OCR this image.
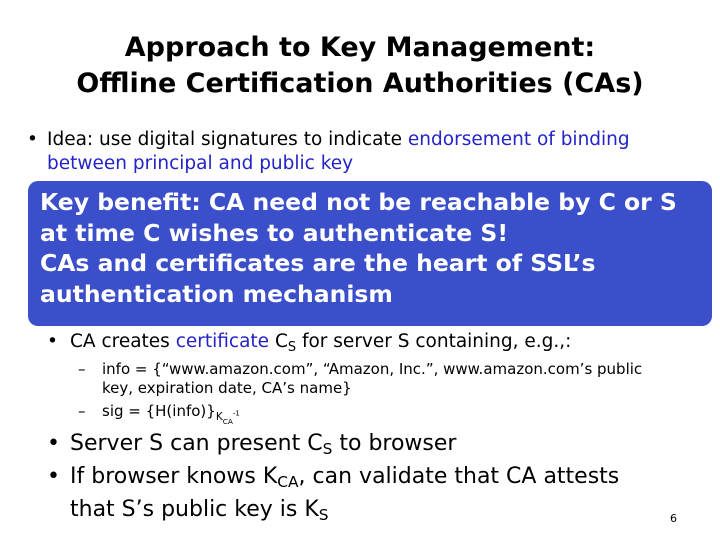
Approach to Key Management:
Offline Certification Authorities (CAs)
• Idea: use digital signatures to indicate endorsement of binding between principal and public key

Key benefit: CA need not be reachable by C or S at time C wishes to authenticate S!

CAs and certificates are the heart of SSL’s authentication mechanism

• CA creates certificate $C_S$ for server S containing, e.g.,:
– info = {“www.amazon.com”, “Amazon, Inc.”, www.amazon.com’s public key, expiration date, CA’s name}
– sig = $\{H(info)\}_{K_{CA}^{-1}}$
• Server S can present $C_S$ to browser
• If browser knows $K_{CA}$, can validate that CA attests that S’s public key is $K_S$	6
